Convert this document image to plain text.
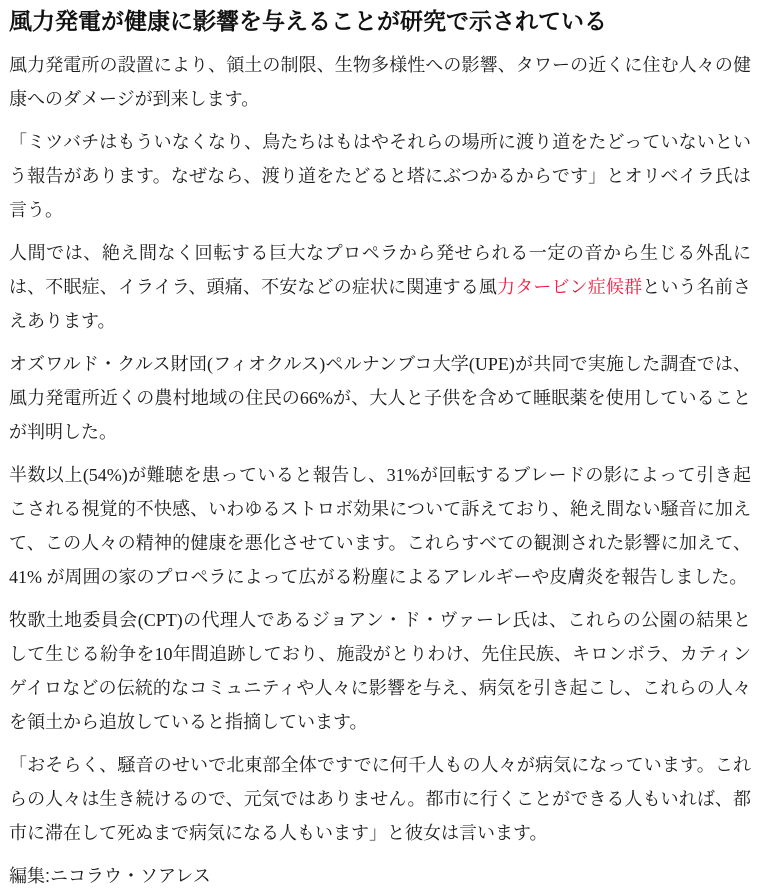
風力発電が健康に影響を与えることが研究で示されている

風力発電所の設置により、領土の制限、生物多様性への影響、タワーの近くに住む人々の健康へのダメージが到来します。

「ミツバチはもういなくなり、鳥たちはもはやそれらの場所に渡り道をたどっていないという報告があります。なぜなら、渡り道をたどると塔にぶつかるからです」とオリベイラ氏は言う。

人間では、絶え間なく回転する巨大なプロペラから発せられる一定の音から生じる外乱には、不眠症、イライラ、頭痛、不安などの症状に関連する風力タービン症候群という名前さえあります。

オズワルド・クルス財団(フィオクルス)ペルナンブコ大学(UPE)が共同で実施した調査では、風力発電所近くの農村地域の住民の66%が、大人と子供を含めて睡眠薬を使用していることが判明した。

半数以上(54%)が難聴を患っていると報告し、31%が回転するブレードの影によって引き起こされる視覚的不快感、いわゆるストロボ効果について訴えており、絶え間ない騒音に加えて、この人々の精神的健康を悪化させています。これらすべての観測された影響に加えて、41% が周囲の家のプロペラによって広がる粉塵によるアレルギーや皮膚炎を報告しました。

牧歌土地委員会(CPT)の代理人であるジョアン・ド・ヴァーレ氏は、これらの公園の結果として生じる紛争を10年間追跡しており、施設がとりわけ、先住民族、キロンボラ、カティンゲイロなどの伝統的なコミュニティや人々に影響を与え、病気を引き起こし、これらの人々を領土から追放していると指摘しています。

「おそらく、騒音のせいで北東部全体ですでに何千人もの人々が病気になっています。これらの人々は生き続けるので、元気ではありません。都市に行くことができる人もいれば、都市に滞在して死ぬまで病気になる人もいます」と彼女は言います。

編集:ニコラウ・ソアレス
